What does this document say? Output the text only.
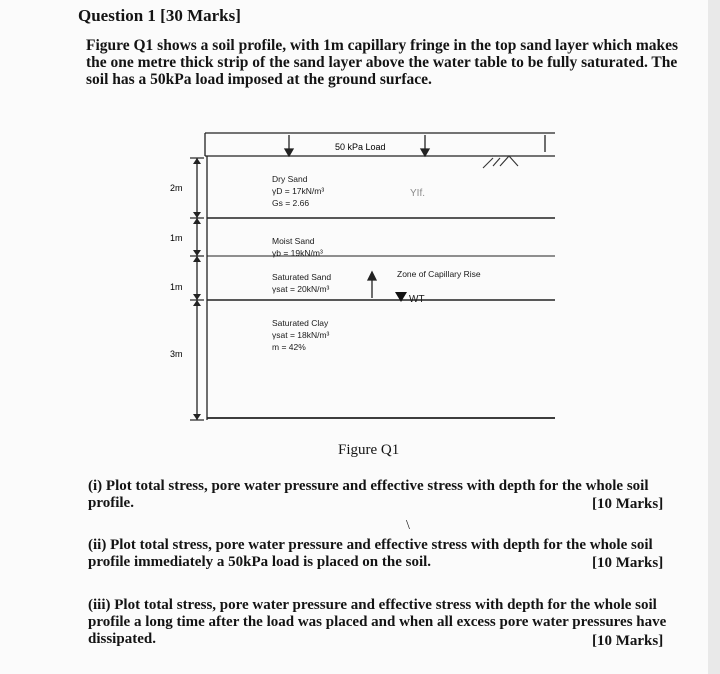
Question 1 [30 Marks]
Figure Q1 shows a soil profile, with 1m capillary fringe in the top sand layer which makes
the one metre thick strip of the sand layer above the water table to be fully saturated. The
soil has a 50kPa load imposed at the ground surface.
2m
1m
1m
3m
50 kPa Load
YIf.
Dry Sand
γD = 17kN/m³
Gs = 2.66
Moist Sand
γb = 19kN/m³
Saturated Sand
γsat = 20kN/m³
Saturated Clay
γsat = 18kN/m³
m = 42%
Zone of Capillary Rise
WT
Figure Q1
(i) Plot total stress, pore water pressure and effective stress with depth for the whole soil
profile.	[10 Marks]
\
(ii) Plot total stress, pore water pressure and effective stress with depth for the whole soil
profile immediately a 50kPa load is placed on the soil.	[10 Marks]
(iii) Plot total stress, pore water pressure and effective stress with depth for the whole soil
profile a long time after the load was placed and when all excess pore water pressures have
dissipated.	[10 Marks]
